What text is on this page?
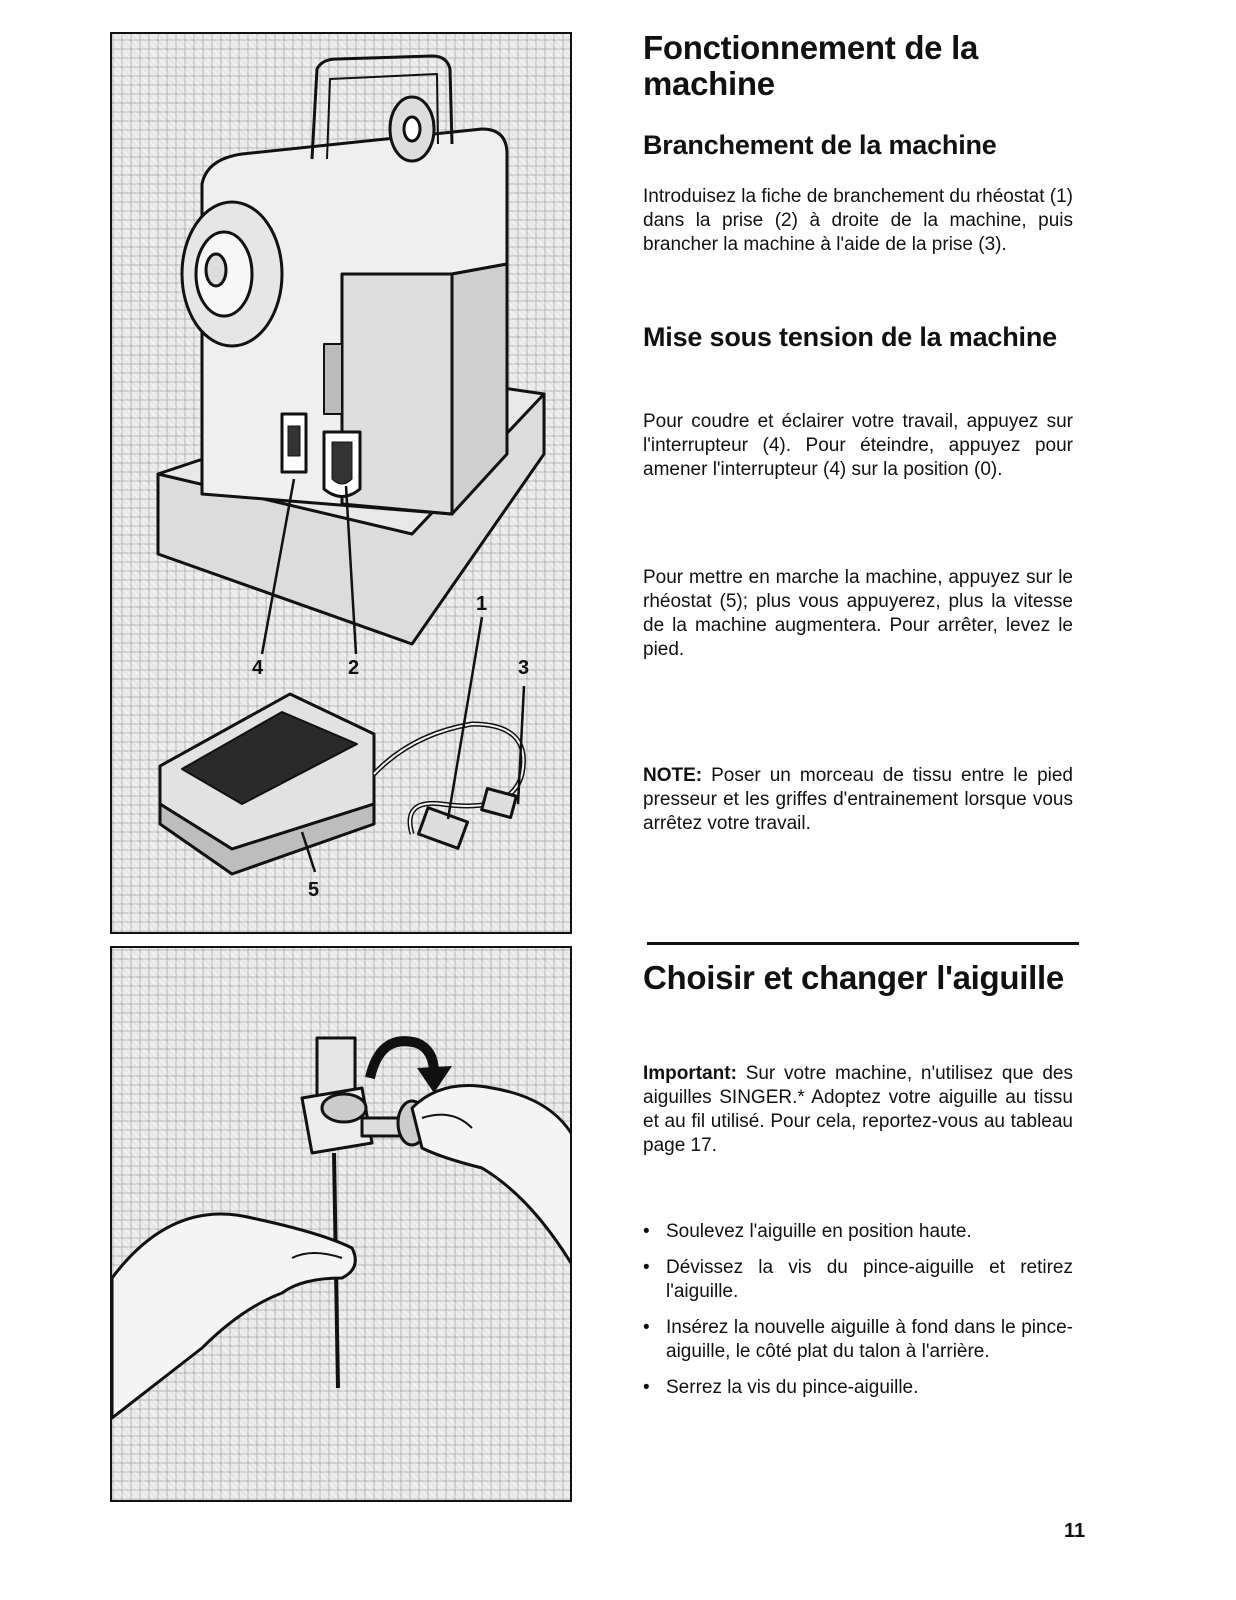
1
2	3
4
5
Fonctionnement de la machine
Branchement de la machine

Introduisez la fiche de branchement du rhéostat (1) dans la prise (2) à droite de la machine, puis brancher la machine à l'aide de la prise (3).

Mise sous tension de la machine

Pour coudre et éclairer votre travail, appuyez sur l'interrupteur (4). Pour éteindre, appuyez pour amener l'interrupteur (4) sur la position (0).

Pour mettre en marche la machine, appuyez sur le rhéostat (5); plus vous appuyerez, plus la vitesse de la machine augmentera. Pour arrêter, levez le pied.

NOTE: Poser un morceau de tissu entre le pied presseur et les griffes d'entrainement lorsque vous arrêtez votre travail.

Choisir et changer l'aiguille

Important: Sur votre machine, n'utilisez que des aiguilles SINGER.* Adoptez votre aiguille au tissu et au fil utilisé. Pour cela, reportez-vous au tableau page 17.

• Soulevez l'aiguille en position haute.
• Dévissez la vis du pince-aiguille et retirez l'aiguille.
• Insérez la nouvelle aiguille à fond dans le pince-aiguille, le côté plat du talon à l'arrière.
• Serrez la vis du pince-aiguille.
11
